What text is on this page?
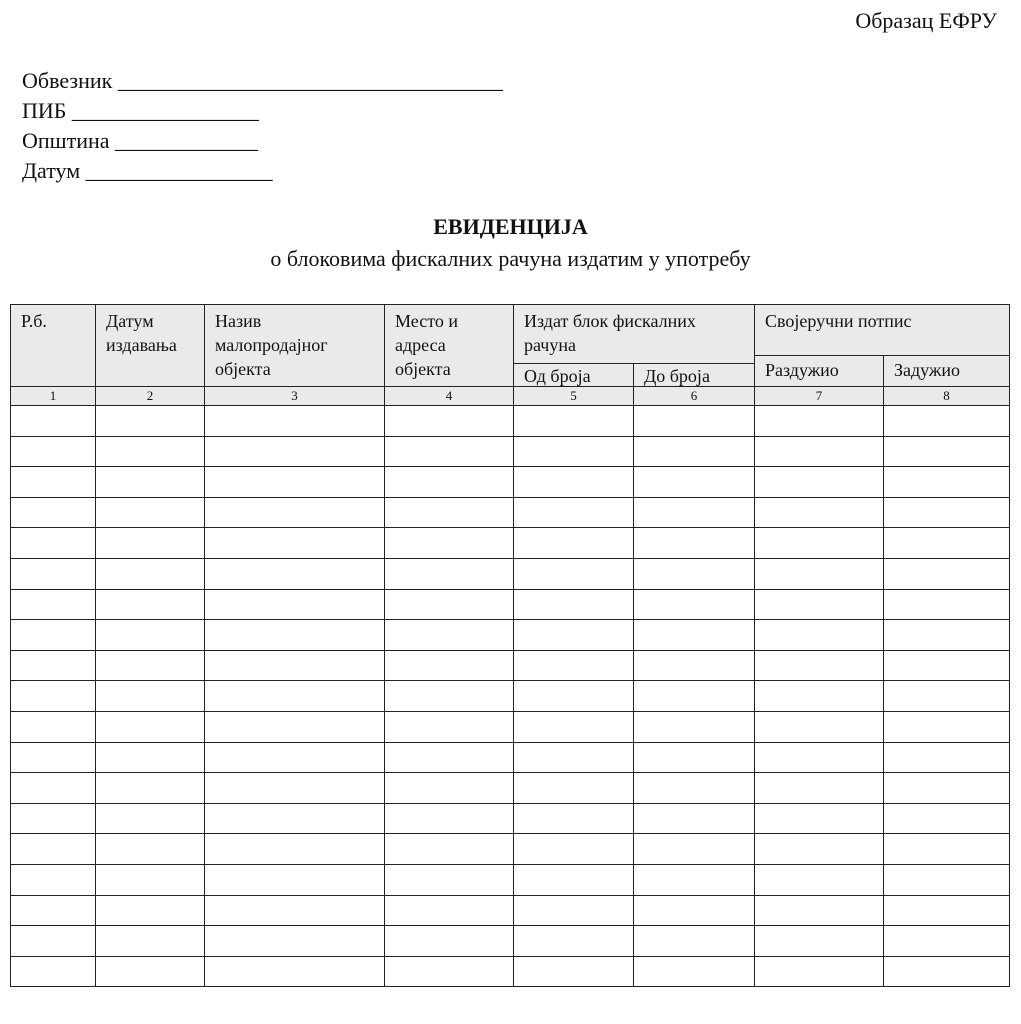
Образац ЕФРУ
Обвезник ___________________________________
ПИБ _________________
Општина _____________
Датум _________________
ЕВИДЕНЦИЈА
о блоковима фискалних рачуна издатим у употребу
Р.б.	Датум издавања	Назив малопродајног објекта	Место и адреса објекта	Издат блок фискалних рачуна		Својеручни потпис	
						Раздужио	Задужио
				Од броја	До броја		
1	2	3	4	5	6	7	8
